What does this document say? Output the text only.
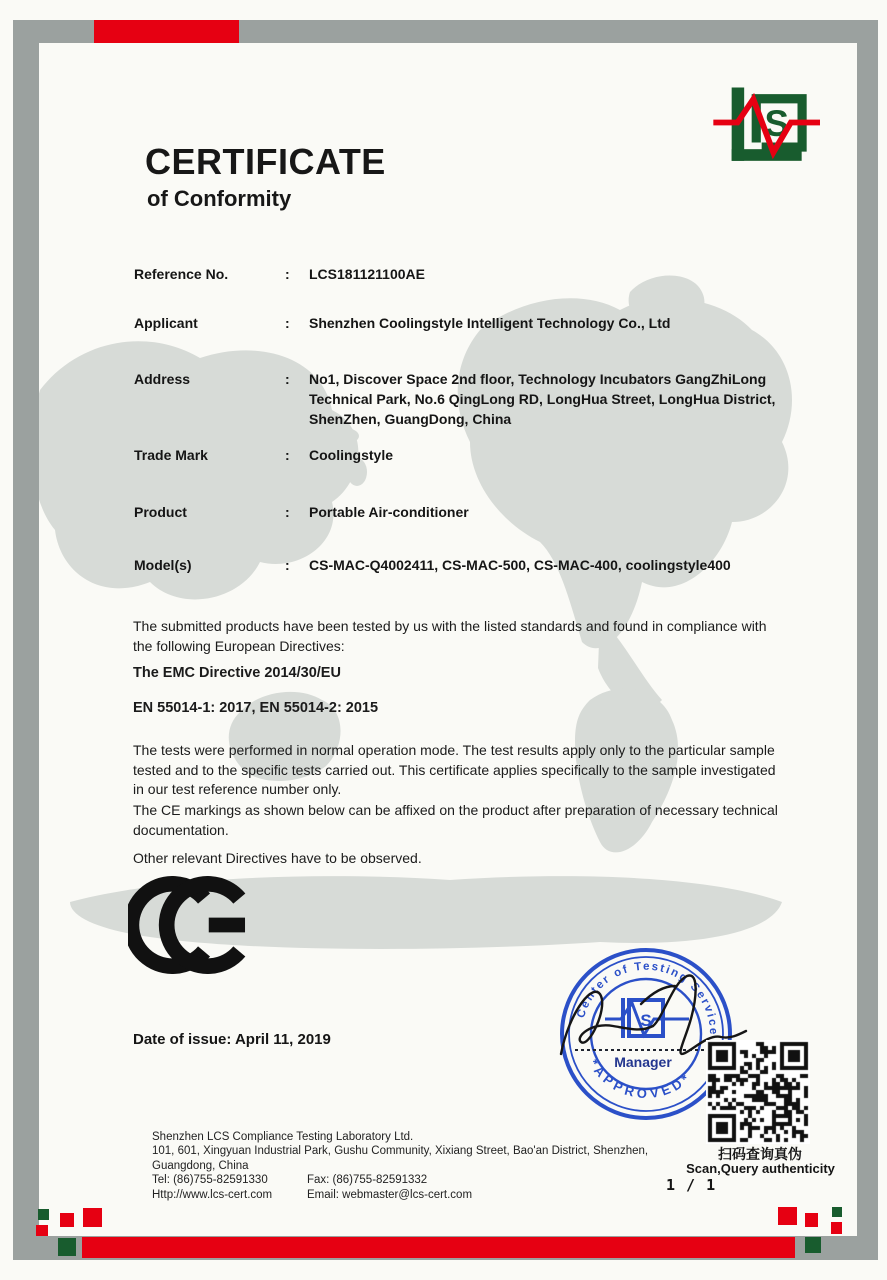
S
CERTIFICATE
of Conformity
Reference No.	:	LCS181121100AE
Applicant	:	Shenzhen Coolingstyle Intelligent Technology Co., Ltd
Address	:	No1, Discover Space 2nd floor, Technology Incubators GangZhiLong Technical Park, No.6 QingLong RD, LongHua Street, LongHua District, ShenZhen, GuangDong, China
Trade Mark	:	Coolingstyle
Product	:	Portable Air-conditioner
Model(s)	:	CS-MAC-Q4002411, CS-MAC-500, CS-MAC-400, coolingstyle400
The submitted products have been tested by us with the listed standards and found in compliance with the following European Directives:
The EMC Directive 2014/30/EU
EN 55014-1: 2017, EN 55014-2: 2015
The tests were performed in normal operation mode. The test results apply only to the particular sample tested and to the specific tests carried out. This certificate applies specifically to the sample investigated in our test reference number only.
The CE markings as shown below can be affixed on the product after preparation of necessary technical documentation.
Other relevant Directives have to be observed.
Date of issue: April 11, 2019
Center of Testing Service
*APPROVED*
S
Manager
扫码查询真伪
Scan,Query authenticity
Shenzhen LCS Compliance Testing Laboratory Ltd.
101, 601, Xingyuan Industrial Park, Gushu Community, Xixiang Street, Bao'an District, Shenzhen,
Guangdong, China
Tel: (86)755-82591330	Fax: (86)755-82591332
Http://www.lcs-cert.com	Email: webmaster@lcs-cert.com
1 / 1
